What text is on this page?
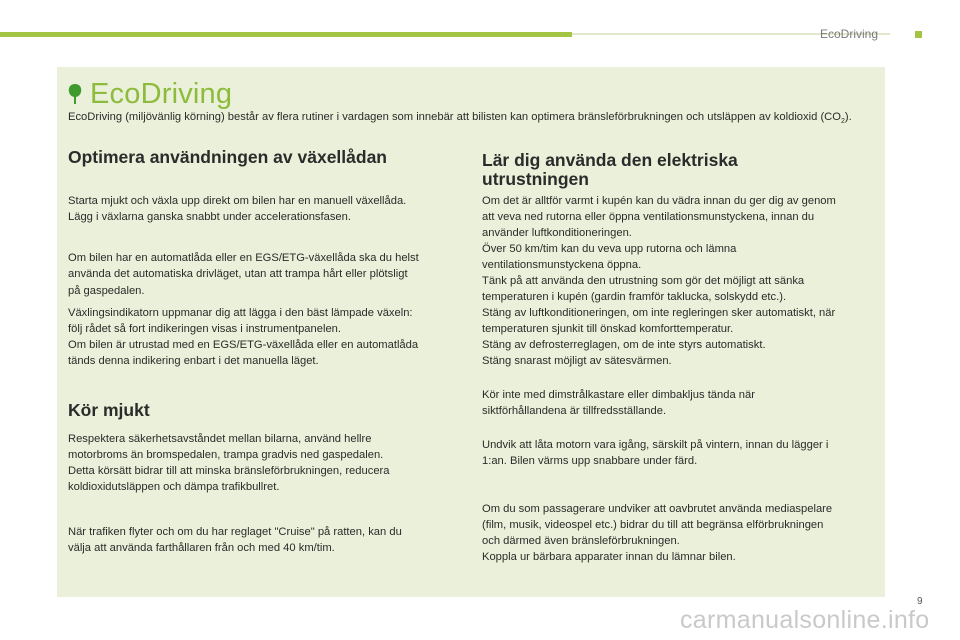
EcoDriving
EcoDriving
EcoDriving (miljövänlig körning) består av flera rutiner i vardagen som innebär att bilisten kan optimera bränsleförbrukningen och utsläppen av koldioxid $(CO_2)$.
Optimera användningen av växellådan

Starta mjukt och växla upp direkt om bilen har en manuell växellåda.

Lägg i växlarna ganska snabbt under accelerationsfasen.

Om bilen har en automatlåda eller en EGS/ETG-växellåda ska du helst

använda det automatiska drivläget, utan att trampa hårt eller plötsligt

på gaspedalen.

Växlingsindikatorn uppmanar dig att lägga i den bäst lämpade växeln:

följ rådet så fort indikeringen visas i instrumentpanelen.

Om bilen är utrustad med en EGS/ETG-växellåda eller en automatlåda

tänds denna indikering enbart i det manuella läget.

Kör mjukt

Respektera säkerhetsavståndet mellan bilarna, använd hellre

motorbroms än bromspedalen, trampa gradvis ned gaspedalen.

Detta körsätt bidrar till att minska bränsleförbrukningen, reducera

koldioxidutsläppen och dämpa trafikbullret.

När trafiken flyter och om du har reglaget "Cruise" på ratten, kan du

välja att använda farthållaren från och med 40 km/tim.

Lär dig använda den elektriska
utrustningen

Om det är alltför varmt i kupén kan du vädra innan du ger dig av genom

att veva ned rutorna eller öppna ventilationsmunstyckena, innan du

använder luftkonditioneringen.

Över 50 km/tim kan du veva upp rutorna och lämna

ventilationsmunstyckena öppna.

Tänk på att använda den utrustning som gör det möjligt att sänka

temperaturen i kupén (gardin framför taklucka, solskydd etc.).

Stäng av luftkonditioneringen, om inte regleringen sker automatiskt, när

temperaturen sjunkit till önskad komforttemperatur.

Stäng av defrosterreglagen, om de inte styrs automatiskt.

Stäng snarast möjligt av sätesvärmen.

Kör inte med dimstrålkastare eller dimbakljus tända när

siktförhållandena är tillfredsställande.

Undvik att låta motorn vara igång, särskilt på vintern, innan du lägger i

1:an. Bilen värms upp snabbare under färd.

Om du som passagerare undviker att oavbrutet använda mediaspelare

(film, musik, videospel etc.) bidrar du till att begränsa elförbrukningen

och därmed även bränsleförbrukningen.

Koppla ur bärbara apparater innan du lämnar bilen.

9
carmanualsonline.info
